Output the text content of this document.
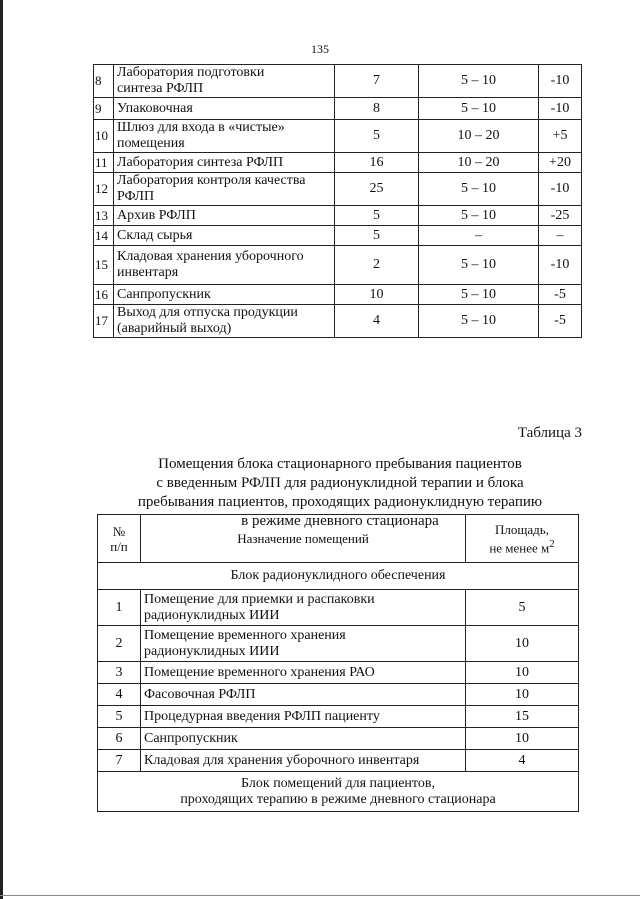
135
8	Лаборатория подготовки
синтеза РФЛП	7	5 – 10	-10
9	Упаковочная	8	5 – 10	-10
10	Шлюз для входа в «чистые»
помещения	5	10 – 20	+5
11	Лаборатория синтеза РФЛП	16	10 – 20	+20
12	Лаборатория контроля качества
РФЛП	25	5 – 10	-10
13	Архив РФЛП	5	5 – 10	-25
14	Склад сырья	5	–	–
15	Кладовая хранения уборочного
инвентаря	2	5 – 10	-10
16	Санпропускник	10	5 – 10	-5
17	Выход для отпуска продукции
(аварийный выход)	4	5 – 10	-5
Таблица 3
Помещения блока стационарного пребывания пациентов
с введенным РФЛП для радионуклидной терапии и блока
пребывания пациентов, проходящих радионуклидную терапию
в режиме дневного стационара
№
п/п	Назначение помещений	Площадь,
не менее $м^2$
Блок радионуклидного обеспечения		
1	Помещение для приемки и распаковки
радионуклидных ИИИ	5
2	Помещение временного хранения
радионуклидных ИИИ	10
3	Помещение временного хранения РАО	10
4	Фасовочная РФЛП	10
5	Процедурная введения РФЛП пациенту	15
6	Санпропускник	10
7	Кладовая для хранения уборочного инвентаря	4
Блок помещений для пациентов,
проходящих терапию в режиме дневного стационара		
